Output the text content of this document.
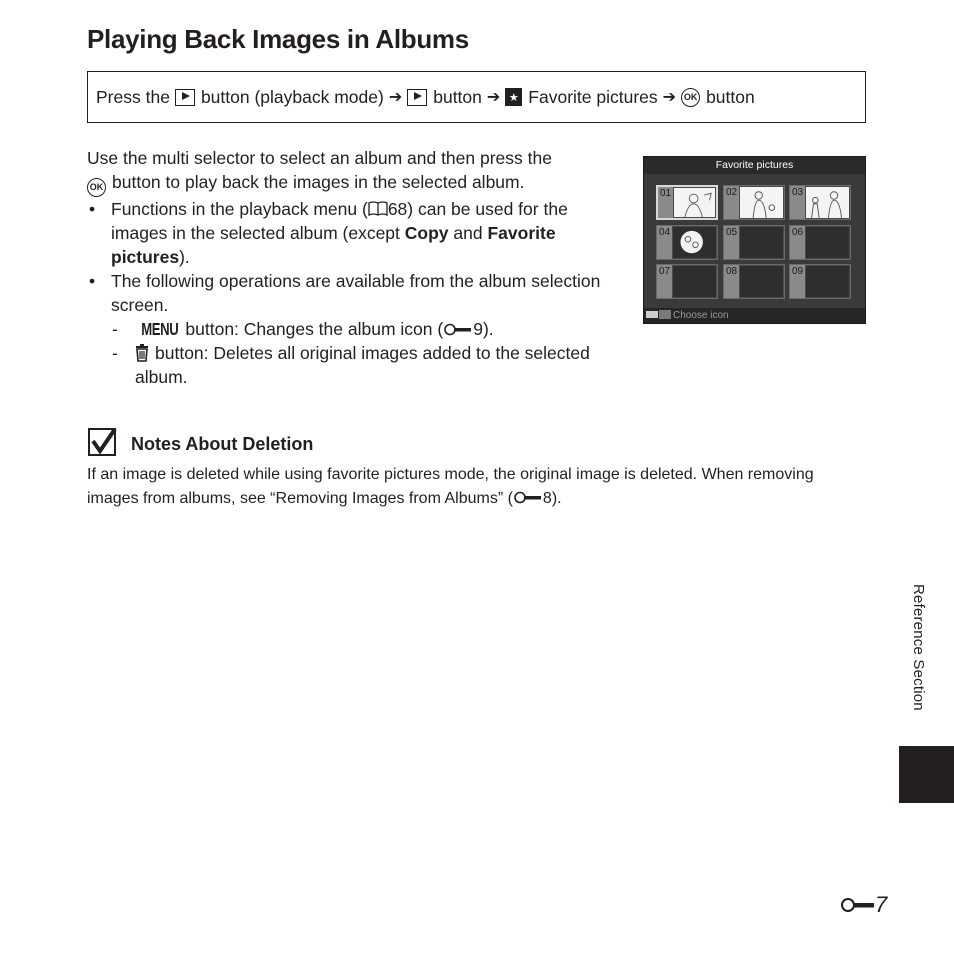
Playing Back Images in Albums
Press the button (playback mode) ➔ button ➔ ★ Favorite pictures ➔ OK button

Use the multi selector to select an album and then press the

OK button to play back the images in the selected album.

• Functions in the playback menu ( 68) can be used for the images in the selected album (except Copy and Favorite pictures).

• The following operations are available from the album selection screen.

- MENU button: Changes the album icon ( 9).

- button: Deletes all original images added to the selected album.

Favorite pictures
01	02	03
04	05	06
07	08	09
Choose icon
Notes About Deletion
If an image is deleted while using favorite pictures mode, the original image is deleted. When removing images from albums, see “Removing Images from Albums” ( 8).
Reference Section
7
